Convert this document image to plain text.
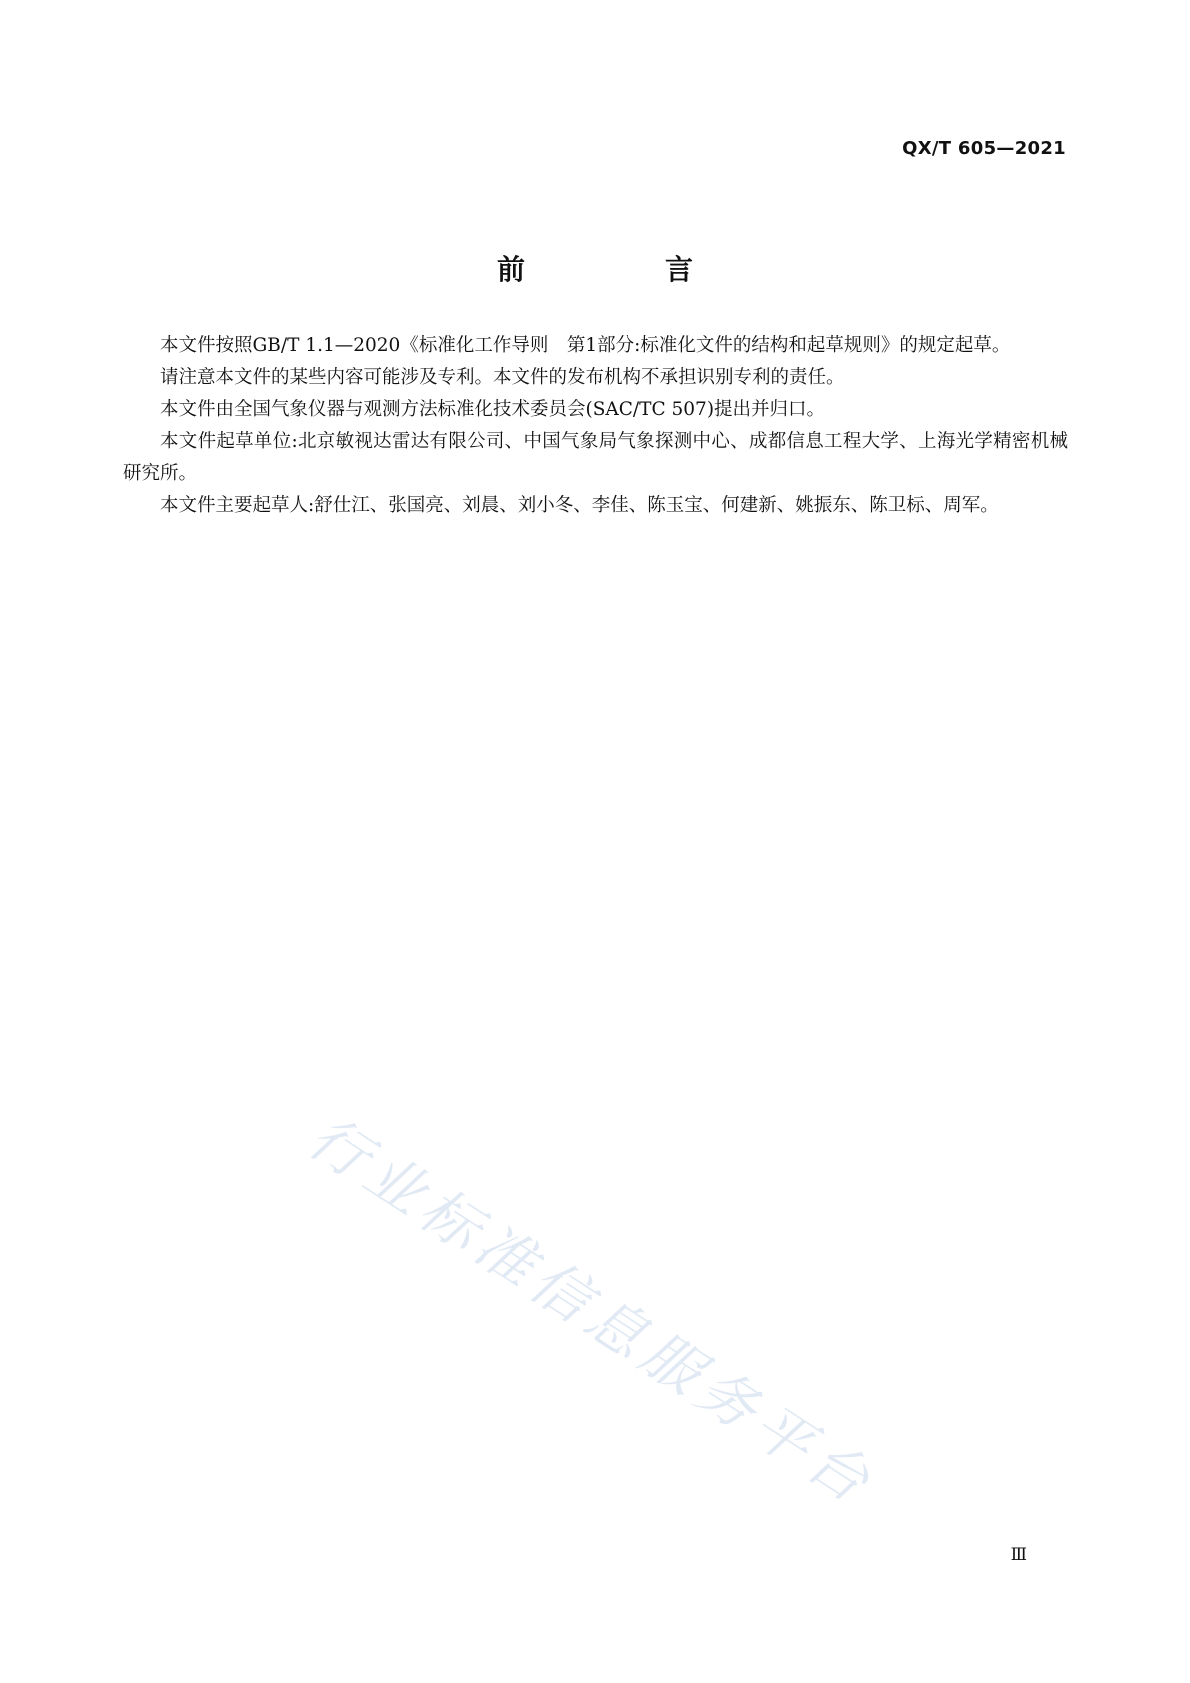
QX/T 605—2021
前　言

本文件按照GB/T 1.1—2020《标准化工作导则　第1部分:标准化文件的结构和起草规则》的规定起草。

请注意本文件的某些内容可能涉及专利。本文件的发布机构不承担识别专利的责任。

本文件由全国气象仪器与观测方法标准化技术委员会(SAC/TC 507)提出并归口。

本文件起草单位:北京敏视达雷达有限公司、中国气象局气象探测中心、成都信息工程大学、上海光学精密机械研究所。

本文件主要起草人:舒仕江、张国亮、刘晨、刘小冬、李佳、陈玉宝、何建新、姚振东、陈卫标、周军。

行业标准信息服务平台
Ⅲ
